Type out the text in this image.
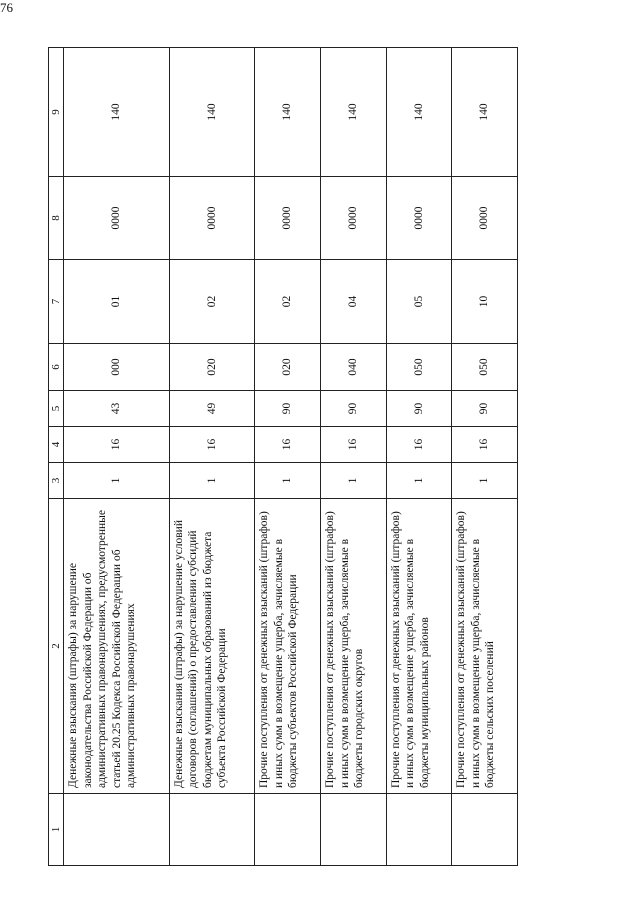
76
1	2	3	4	5	6	7	8	9
	Денежные взыскания (штрафы) за нарушение законодательства Российской Федерации об административных правонарушениях, предусмотренные статьей 20.25 Кодекса Российской Федерации об административных правонарушениях	1	16	43	000	01	0000	140
	Денежные взыскания (штрафы) за нарушение условий договоров (соглашений) о предоставлении субсидий бюджетам муниципальных образований из бюджета субъекта Российской Федерации	1	16	49	020	02	0000	140
	Прочие поступления от денежных взысканий (штрафов) и иных сумм в возмещение ущерба, зачисляемые в бюджеты субъектов Российской Федерации	1	16	90	020	02	0000	140
	Прочие поступления от денежных взысканий (штрафов) и иных сумм в возмещение ущерба, зачисляемые в бюджеты городских округов	1	16	90	040	04	0000	140
	Прочие поступления от денежных взысканий (штрафов) и иных сумм в возмещение ущерба, зачисляемые в бюджеты муниципальных районов	1	16	90	050	05	0000	140
	Прочие поступления от денежных взысканий (штрафов) и иных сумм в возмещение ущерба, зачисляемые в бюджеты сельских поселений	1	16	90	050	10	0000	140
